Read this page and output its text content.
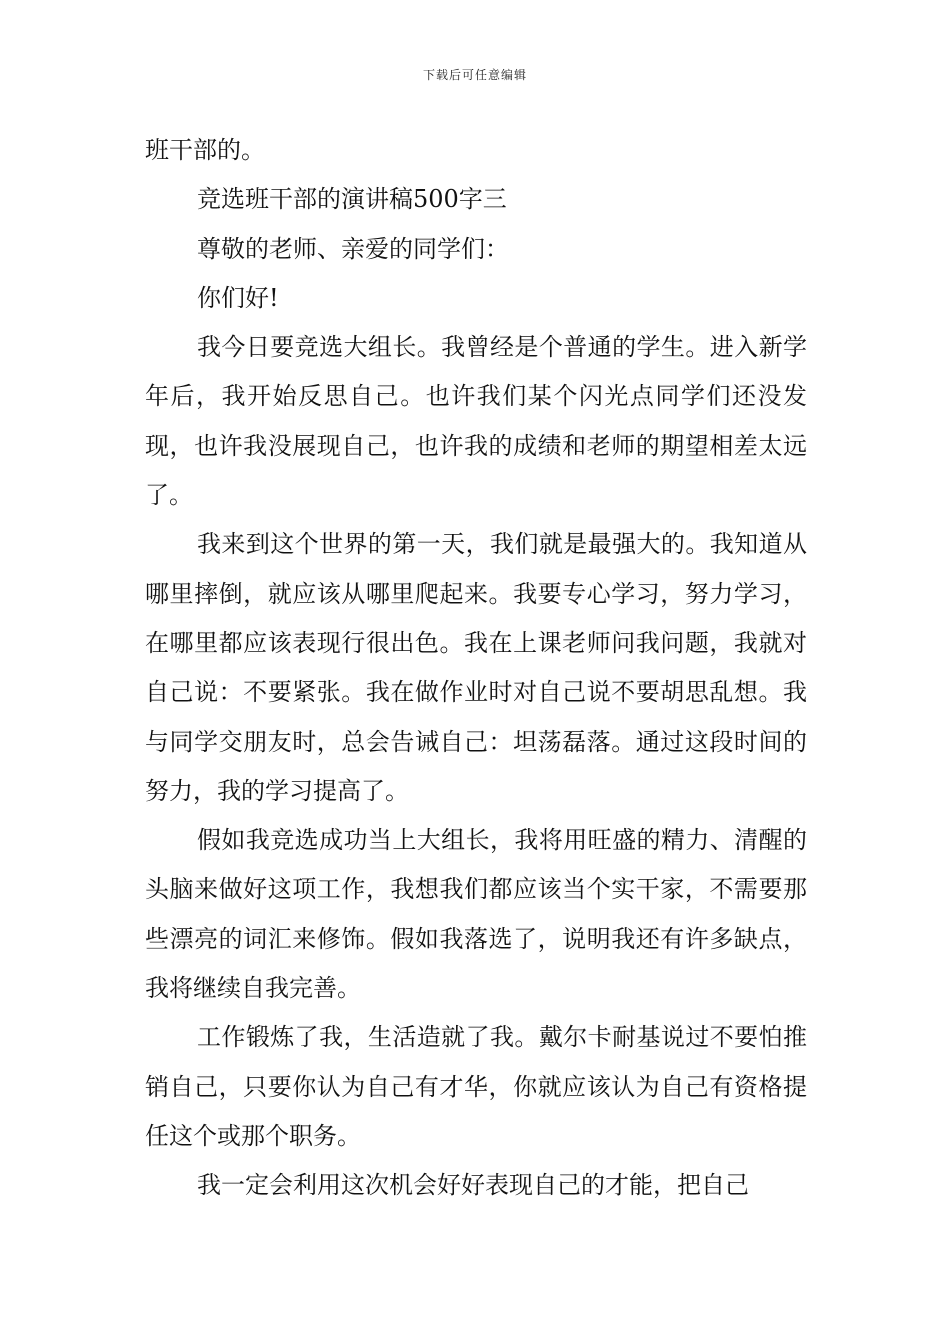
下载后可任意编辑

班干部的。

竞选班干部的演讲稿500字三

尊敬的老师、亲爱的同学们：

你们好!

我今日要竞选大组长。我曾经是个普通的学生。进入新学年后，我开始反思自己。也许我们某个闪光点同学们还没发现，也许我没展现自己，也许我的成绩和老师的期望相差太远了。

我来到这个世界的第一天，我们就是最强大的。我知道从哪里摔倒，就应该从哪里爬起来。我要专心学习，努力学习，在哪里都应该表现行很出色。我在上课老师问我问题，我就对自己说：不要紧张。我在做作业时对自己说不要胡思乱想。我与同学交朋友时，总会告诫自己：坦荡磊落。通过这段时间的努力，我的学习提高了。

假如我竞选成功当上大组长，我将用旺盛的精力、清醒的头脑来做好这项工作，我想我们都应该当个实干家，不需要那些漂亮的词汇来修饰。假如我落选了，说明我还有许多缺点，我将继续自我完善。

工作锻炼了我，生活造就了我。戴尔卡耐基说过不要怕推销自己，只要你认为自己有才华，你就应该认为自己有资格提任这个或那个职务。

我一定会利用这次机会好好表现自己的才能，把自己
